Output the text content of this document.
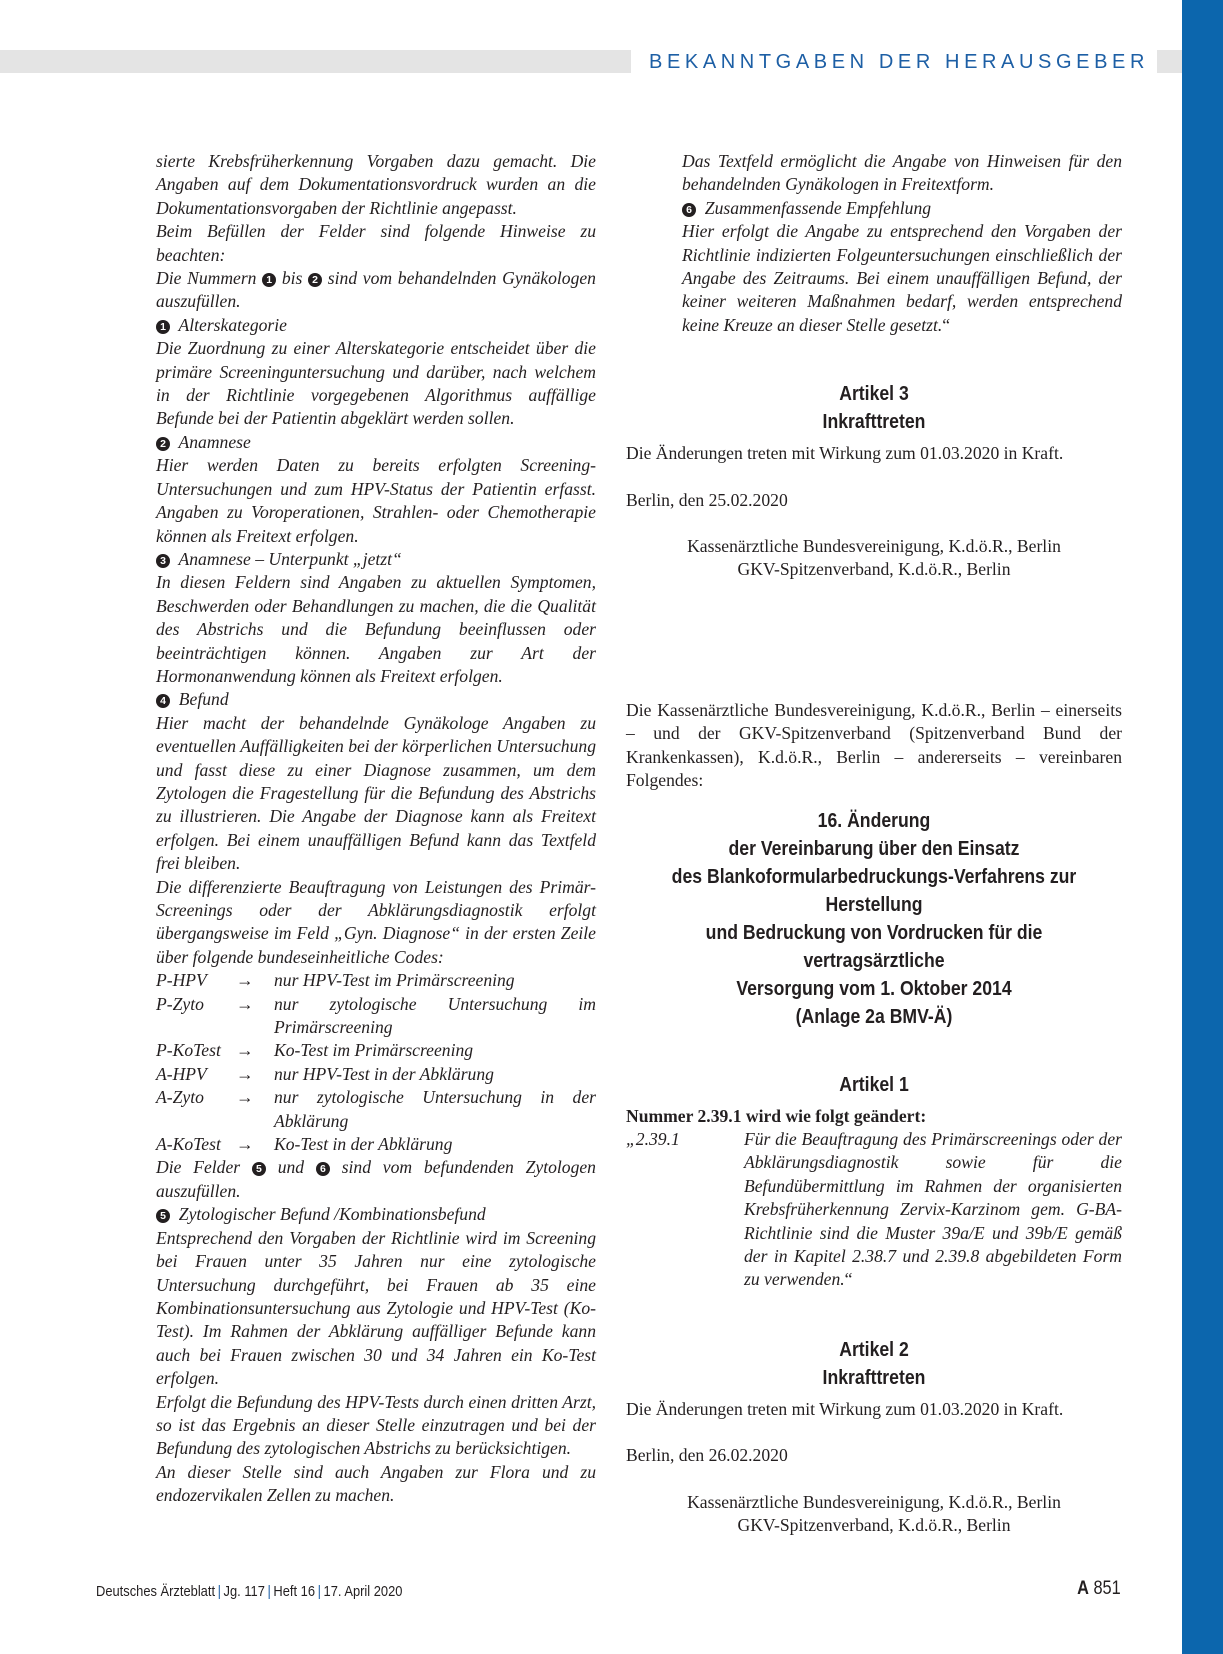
BEKANNTGABEN DER HERAUSGEBER

sierte Krebsfrüherkennung Vorgaben dazu gemacht. Die Angaben auf dem Dokumentationsvordruck wurden an die Dokumentationsvorgaben der Richtlinie angepasst.

Beim Befüllen der Felder sind folgende Hinweise zu beachten:

Die Nummern 1 bis 2 sind vom behandelnden Gynäkologen auszufüllen.

1 Alterskategorie

Die Zuordnung zu einer Alterskategorie entscheidet über die primäre Screeninguntersuchung und darüber, nach welchem in der Richtlinie vorgegebenen Algorithmus auffällige Befunde bei der Patientin abgeklärt werden sollen.

2 Anamnese

Hier werden Daten zu bereits erfolgten Screening-Untersuchungen und zum HPV-Status der Patientin erfasst. Angaben zu Voroperationen, Strahlen- oder Chemotherapie können als Freitext erfolgen.

3 Anamnese – Unterpunkt „jetzt“

In diesen Feldern sind Angaben zu aktuellen Symptomen, Beschwerden oder Behandlungen zu machen, die die Qualität des Abstrichs und die Befundung beeinflussen oder beeinträchtigen können. Angaben zur Art der Hormonanwendung können als Freitext erfolgen.

4 Befund

Hier macht der behandelnde Gynäkologe Angaben zu eventuellen Auffälligkeiten bei der körperlichen Untersuchung und fasst diese zu einer Diagnose zusammen, um dem Zytologen die Fragestellung für die Befundung des Abstrichs zu illustrieren. Die Angabe der Diagnose kann als Freitext erfolgen. Bei einem unauffälligen Befund kann das Textfeld frei bleiben.

Die differenzierte Beauftragung von Leistungen des Primär-Screenings oder der Abklärungsdiagnostik erfolgt übergangsweise im Feld „Gyn. Diagnose“ in der ersten Zeile über folgende bundeseinheitliche Codes:

P-HPV	→	nur HPV-Test im Primärscreening
P-Zyto	→	nur zytologische Untersuchung im Primärscreening
P-KoTest →	Ko-Test im Primärscreening
A-HPV	→	nur HPV-Test in der Abklärung
A-Zyto	→	nur zytologische Untersuchung in der Abklärung
A-KoTest →	Ko-Test in der Abklärung

Die Felder 5 und 6 sind vom befundenden Zytologen auszufüllen.

5 Zytologischer Befund /Kombinationsbefund

Entsprechend den Vorgaben der Richtlinie wird im Screening bei Frauen unter 35 Jahren nur eine zytologische Untersuchung durchgeführt, bei Frauen ab 35 eine Kombinationsuntersuchung aus Zytologie und HPV-Test (Ko-Test). Im Rahmen der Abklärung auffälliger Befunde kann auch bei Frauen zwischen 30 und 34 Jahren ein Ko-Test erfolgen.

Erfolgt die Befundung des HPV-Tests durch einen dritten Arzt, so ist das Ergebnis an dieser Stelle einzutragen und bei der Befundung des zytologischen Abstrichs zu berücksichtigen.

An dieser Stelle sind auch Angaben zur Flora und zu endozervikalen Zellen zu machen.

Das Textfeld ermöglicht die Angabe von Hinweisen für den behandelnden Gynäkologen in Freitextform.

6 Zusammenfassende Empfehlung

Hier erfolgt die Angabe zu entsprechend den Vorgaben der Richtlinie indizierten Folgeuntersuchungen einschließlich der Angabe des Zeitraums. Bei einem unauffälligen Befund, der keiner weiteren Maßnahmen bedarf, werden entsprechend keine Kreuze an dieser Stelle gesetzt.“

Artikel 3
Inkrafttreten

Die Änderungen treten mit Wirkung zum 01.03.2020 in Kraft.

Berlin, den 25.02.2020

Kassenärztliche Bundesvereinigung, K.d.ö.R., Berlin

GKV-Spitzenverband, K.d.ö.R., Berlin

Die Kassenärztliche Bundesvereinigung, K.d.ö.R., Berlin – einerseits – und der GKV-Spitzenverband (Spitzenverband Bund der Krankenkassen), K.d.ö.R., Berlin – andererseits – vereinbaren Folgendes:

16. Änderung
der Vereinbarung über den Einsatz
des Blankoformularbedruckungs-Verfahrens zur Herstellung
und Bedruckung von Vordrucken für die vertragsärztliche
Versorgung vom 1. Oktober 2014
(Anlage 2a BMV-Ä)
Artikel 1

Nummer 2.39.1 wird wie folgt geändert:

„2.39.1	Für die Beauftragung des Primärscreenings oder der Abklärungsdiagnostik sowie für die Befundübermittlung im Rahmen der organisierten Krebsfrüherkennung Zervix-Karzinom gem. G-BA-Richtlinie sind die Muster 39a/E und 39b/E gemäß der in Kapitel 2.38.7 und 2.39.8 abgebildeten Form zu verwenden.“
Artikel 2
Inkrafttreten

Die Änderungen treten mit Wirkung zum 01.03.2020 in Kraft.

Berlin, den 26.02.2020

Kassenärztliche Bundesvereinigung, K.d.ö.R., Berlin

GKV-Spitzenverband, K.d.ö.R., Berlin

Deutsches Ärzteblatt | Jg. 117 | Heft 16 | 17. April 2020	A 851
